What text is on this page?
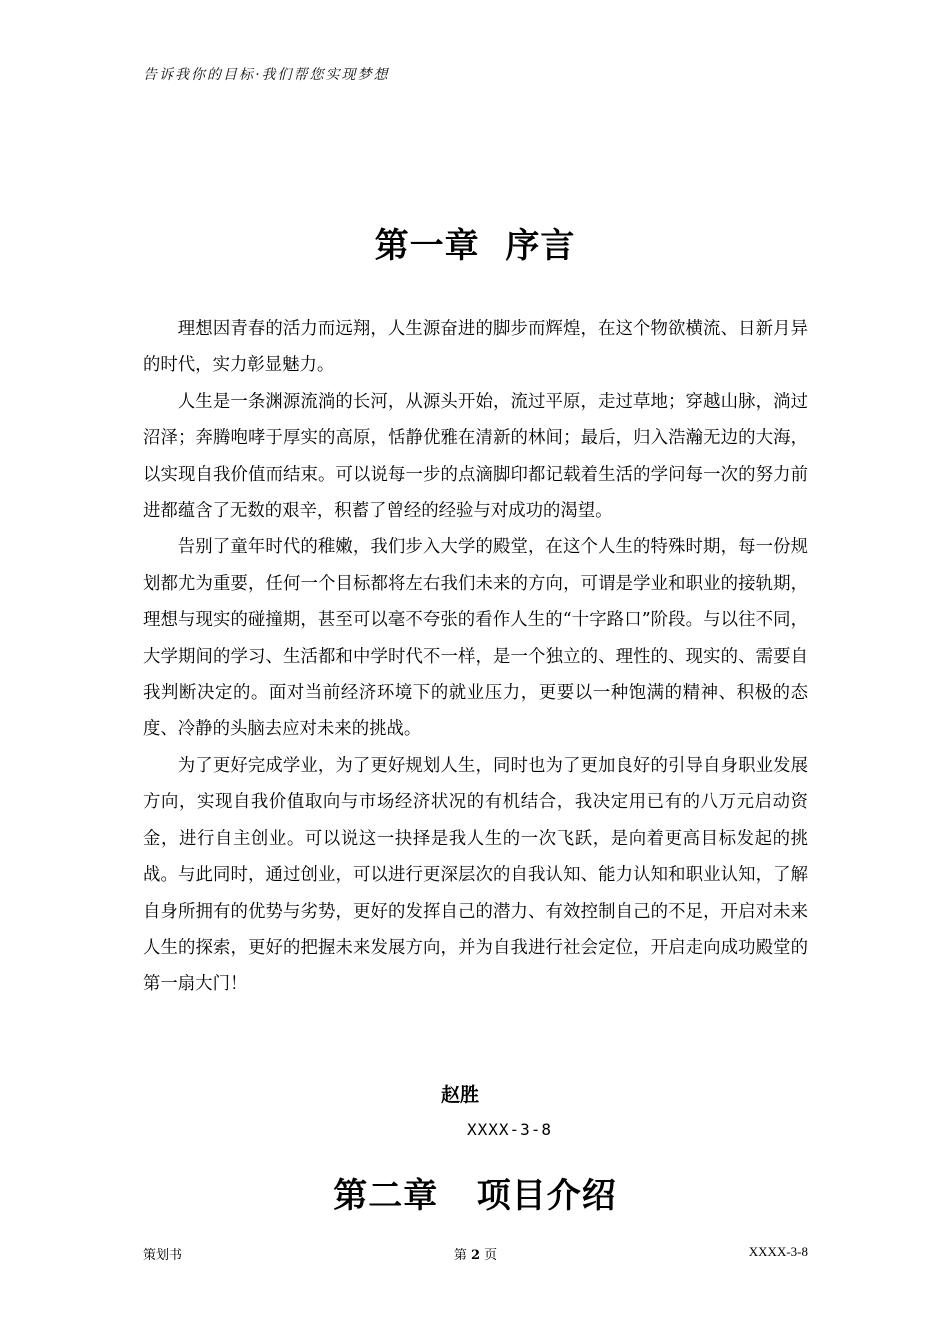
告诉我你的目标·我们帮您实现梦想
第一章  序言

理想因青春的活力而远翔，人生源奋进的脚步而辉煌，在这个物欲横流、日新月异的时代，实力彰显魅力。

人生是一条渊源流淌的长河，从源头开始，流过平原，走过草地；穿越山脉，淌过沼泽；奔腾咆哮于厚实的高原，恬静优雅在清新的林间；最后，归入浩瀚无边的大海，以实现自我价值而结束。可以说每一步的点滴脚印都记载着生活的学问每一次的努力前进都蕴含了无数的艰辛，积蓄了曾经的经验与对成功的渴望。

告别了童年时代的稚嫩，我们步入大学的殿堂，在这个人生的特殊时期，每一份规划都尤为重要，任何一个目标都将左右我们未来的方向，可谓是学业和职业的接轨期，理想与现实的碰撞期，甚至可以毫不夸张的看作人生的“十字路口”阶段。与以往不同，大学期间的学习、生活都和中学时代不一样，是一个独立的、理性的、现实的、需要自我判断决定的。面对当前经济环境下的就业压力，更要以一种饱满的精神、积极的态度、冷静的头脑去应对未来的挑战。

为了更好完成学业，为了更好规划人生，同时也为了更加良好的引导自身职业发展方向，实现自我价值取向与市场经济状况的有机结合，我决定用已有的八万元启动资金，进行自主创业。可以说这一抉择是我人生的一次飞跃，是向着更高目标发起的挑战。与此同时，通过创业，可以进行更深层次的自我认知、能力认知和职业认知，了解自身所拥有的优势与劣势，更好的发挥自己的潜力、有效控制自己的不足，开启对未来人生的探索，更好的把握未来发展方向，并为自我进行社会定位，开启走向成功殿堂的第一扇大门！

赵胜
XXXX-3-8
第二章   项目介绍
策划书	第 2 页	XXXX-3-8
